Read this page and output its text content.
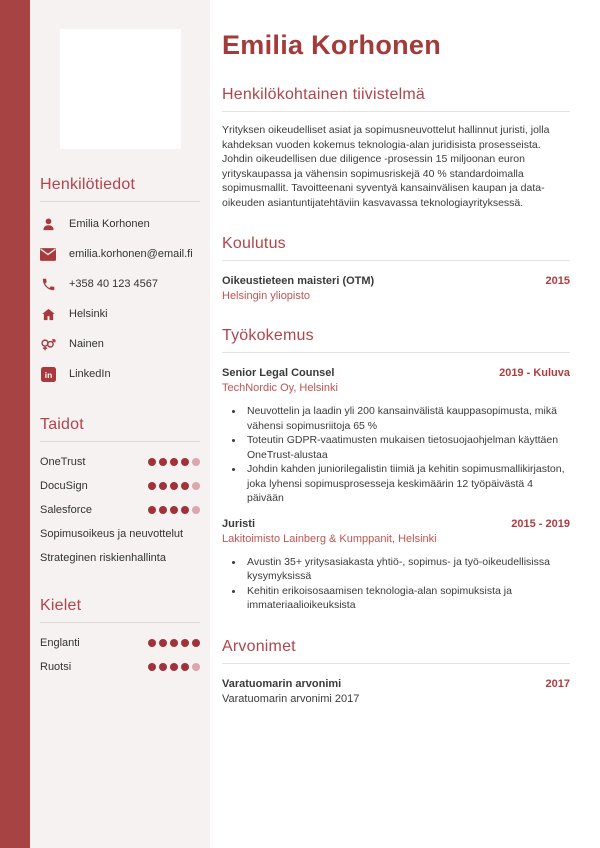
Henkilötiedot
Emilia Korhonen
emilia.korhonen@email.fi
+358 40 123 4567
Helsinki
Nainen
in LinkedIn
Taidot
OneTrust
DocuSign
Salesforce
Sopimusoikeus ja neuvottelut
Strateginen riskienhallinta
Kielet
Englanti
Ruotsi
Emilia Korhonen
Henkilökohtainen tiivistelmä

Yrityksen oikeudelliset asiat ja sopimusneuvottelut hallinnut juristi, jolla kahdeksan vuoden kokemus teknologia-alan juridisista prosesseista. Johdin oikeudellisen due diligence -prosessin 15 miljoonan euron yrityskaupassa ja vähensin sopimusriskejä 40 % standardoimalla sopimusmallit. Tavoitteenani syventyä kansainvälisen kaupan ja data-oikeuden asiantuntijatehtäviin kasvavassa teknologiayrityksessä.

Koulutus
Oikeustieteen maisteri (OTM)	2015
Helsingin yliopisto
Työkokemus
Senior Legal Counsel	2019 - Kuluva
TechNordic Oy, Helsinki
• Neuvottelin ja laadin yli 200 kansainvälistä kauppasopimusta, mikä vähensi sopimusriitoja 65 %
• Toteutin GDPR-vaatimusten mukaisen tietosuojaohjelman käyttäen OneTrust-alustaa
• Johdin kahden juniorilegalistin tiimiä ja kehitin sopimusmallikirjaston, joka lyhensi sopimusprosesseja keskimäärin 12 työpäivästä 4 päivään
Juristi	2015 - 2019
Lakitoimisto Lainberg & Kumppanit, Helsinki
• Avustin 35+ yritysasiakasta yhtiö-, sopimus- ja työ-oikeudellisissa kysymyksissä
• Kehitin erikoisosaamisen teknologia-alan sopimuksista ja immateriaalioikeuksista
Arvonimet
Varatuomarin arvonimi	2017
Varatuomarin arvonimi 2017
